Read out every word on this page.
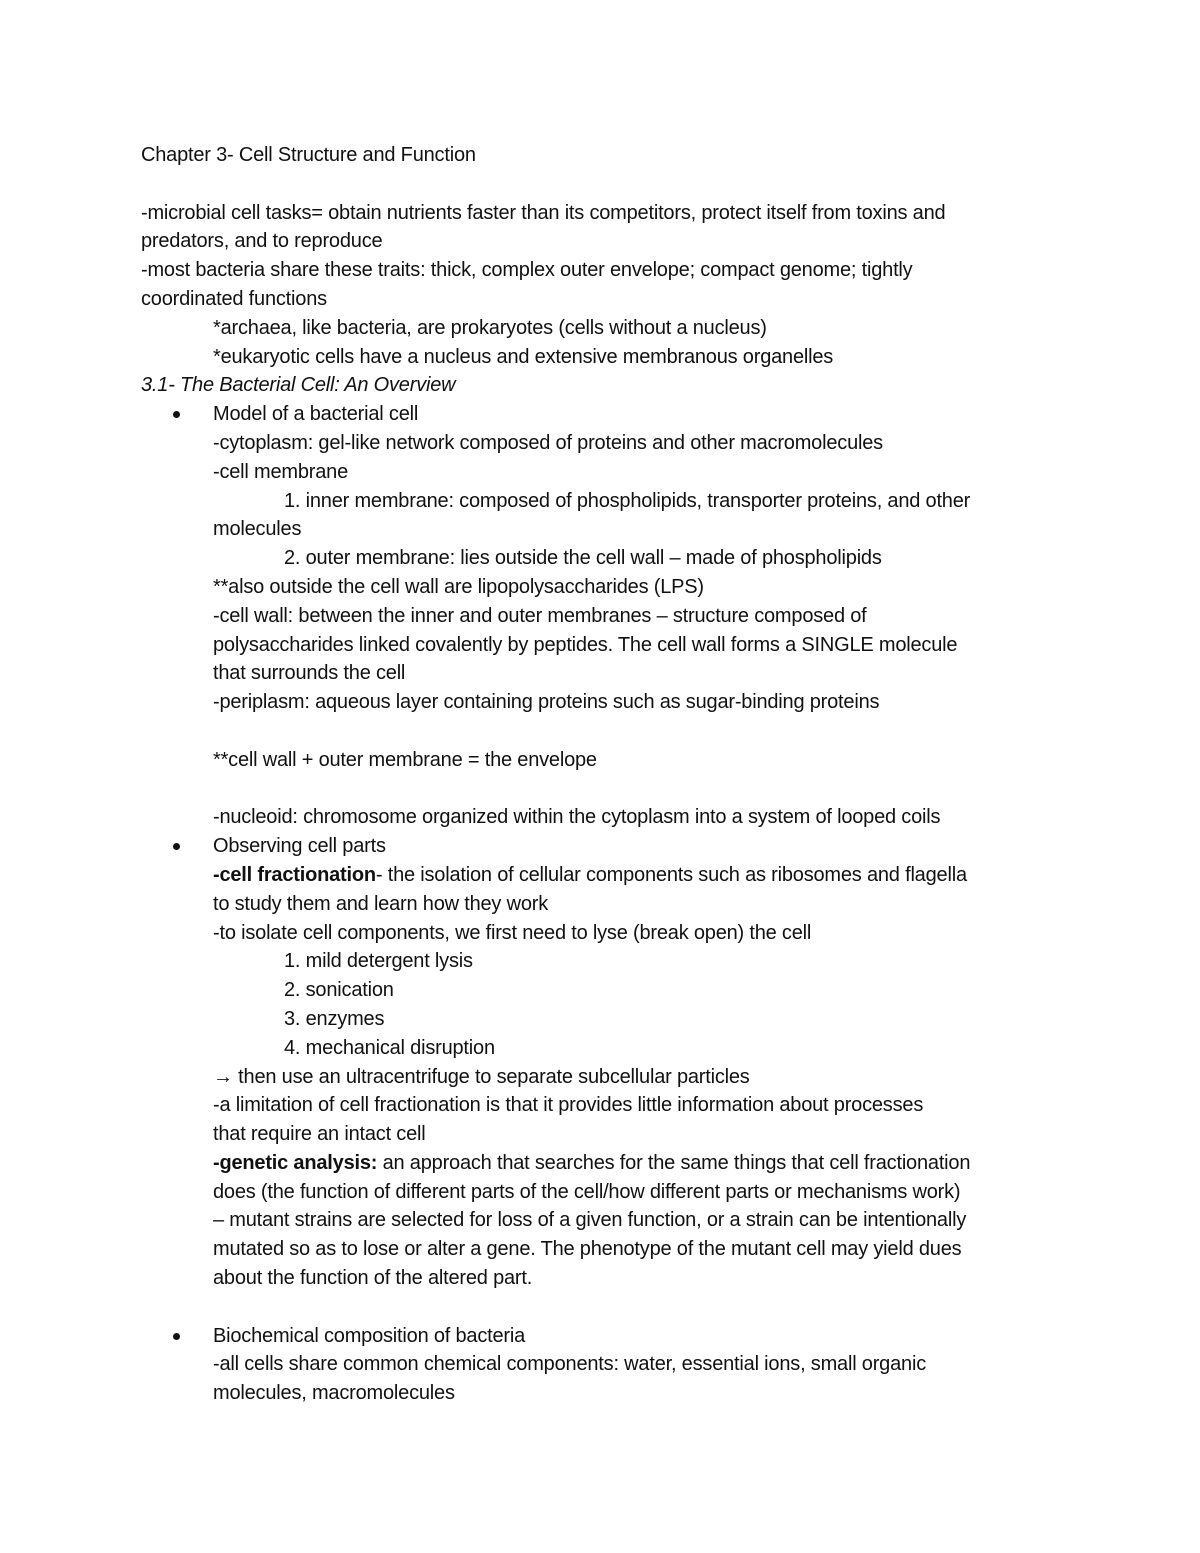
Chapter 3- Cell Structure and Function
-microbial cell tasks= obtain nutrients faster than its competitors, protect itself from toxins and
predators, and to reproduce
-most bacteria share these traits: thick, complex outer envelope; compact genome; tightly
coordinated functions
*archaea, like bacteria, are prokaryotes (cells without a nucleus)
*eukaryotic cells have a nucleus and extensive membranous organelles
3.1- The Bacterial Cell: An Overview
Model of a bacterial cell
-cytoplasm: gel-like network composed of proteins and other macromolecules
-cell membrane
1. inner membrane: composed of phospholipids, transporter proteins, and other
molecules
2. outer membrane: lies outside the cell wall – made of phospholipids
**also outside the cell wall are lipopolysaccharides (LPS)
-cell wall: between the inner and outer membranes – structure composed of
polysaccharides linked covalently by peptides. The cell wall forms a SINGLE molecule
that surrounds the cell
-periplasm: aqueous layer containing proteins such as sugar-binding proteins
**cell wall + outer membrane = the envelope
-nucleoid: chromosome organized within the cytoplasm into a system of looped coils
Observing cell parts
-cell fractionation- the isolation of cellular components such as ribosomes and flagella
to study them and learn how they work
-to isolate cell components, we first need to lyse (break open) the cell
1. mild detergent lysis
2. sonication
3. enzymes
4. mechanical disruption
→ then use an ultracentrifuge to separate subcellular particles
-a limitation of cell fractionation is that it provides little information about processes
that require an intact cell
-genetic analysis: an approach that searches for the same things that cell fractionation
does (the function of different parts of the cell/how different parts or mechanisms work)
– mutant strains are selected for loss of a given function, or a strain can be intentionally
mutated so as to lose or alter a gene. The phenotype of the mutant cell may yield dues
about the function of the altered part.
Biochemical composition of bacteria
-all cells share common chemical components: water, essential ions, small organic
molecules, macromolecules
